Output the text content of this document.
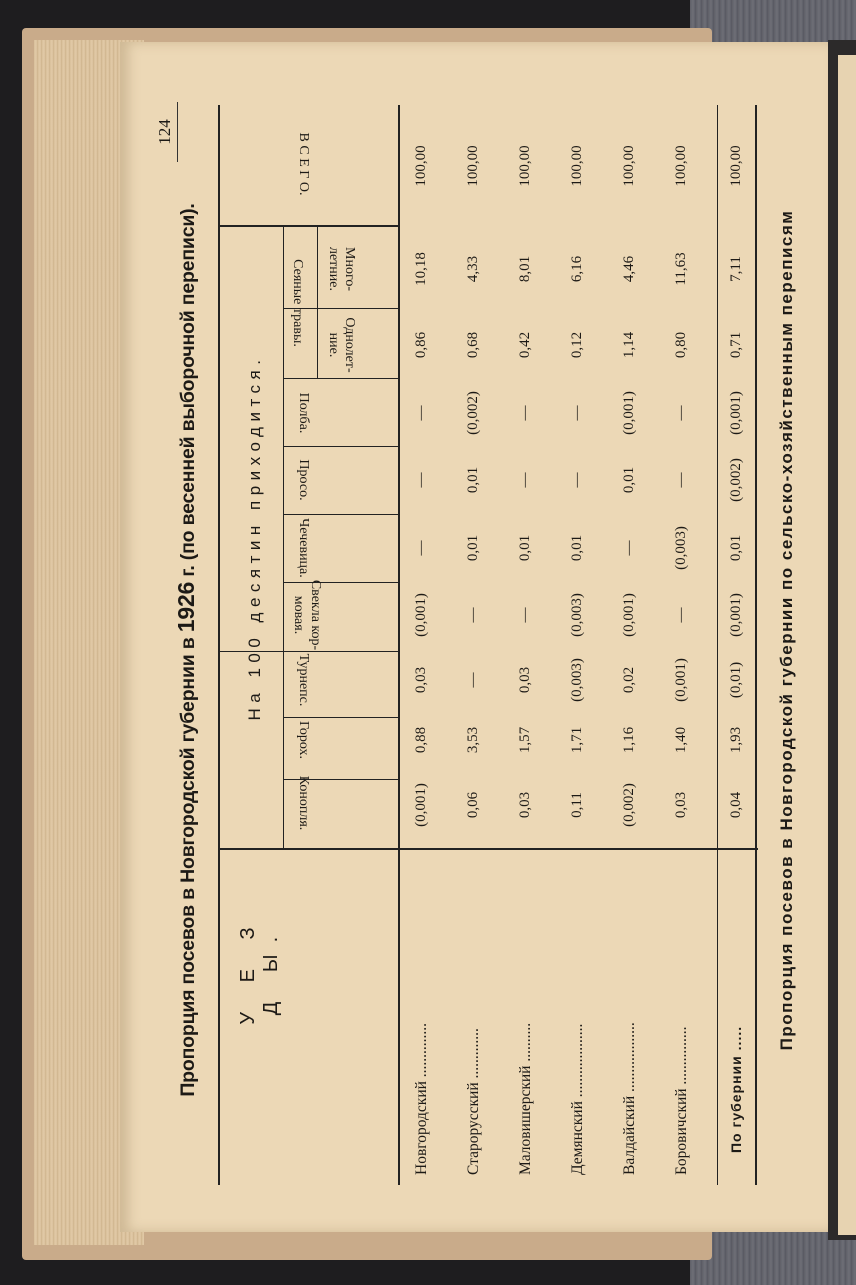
124
Пропорция посевов в Новгородской губернии в 1926 г. (по весенней выборочной переписи).
У Е З Д Ы.
На 100 десятин приходится.
В С Е Г О.
Конопля.
Горох.
Турнепс.
Свекла кор-мовая.
Чечевица.
Просо.
Полба.
Однолет-ние.
Много-летние.
Сеяные травы.
Новгородский ..............
(0,001)
0,88
0,03
(0,001)
—
—
—
0,86
10,18
100,00
Старорусский .............
0,06
3,53
—
—
0,01
0,01
(0,002)
0,68
4,33
100,00
Маловишерский ..........
0,03
1,57
0,03
—
0,01
—
—
0,42
8,01
100,00
Демянский ...................
0,11
1,71
(0,003)
(0,003)
0,01
—
—
0,12
6,16
100,00
Валдайский ..................
(0,002)
1,16
0,02
(0,001)
—
0,01
(0,001)
1,14
4,46
100,00
Боровичский ...............
0,03
1,40
(0,001)
—
(0,003)
—
—
0,80
11,63
100,00
По губернии .....
0,04
1,93
(0,01)
(0,001)
0,01
(0,002)
(0,001)
0,71
7,11
100,00
Пропорция посевов в Новгородской губернии по сельско-хозяйственным переписям
